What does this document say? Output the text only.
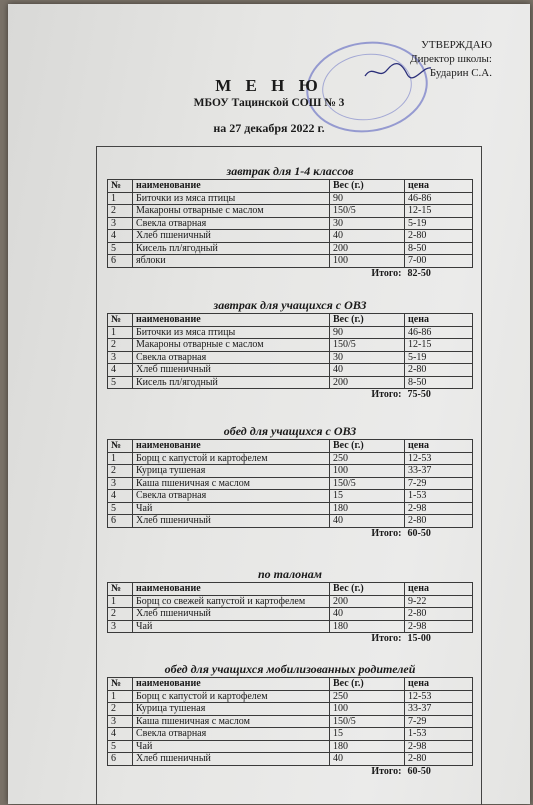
УТВЕРЖДАЮ
Директор школы:
Бударин С.А.
М Е Н Ю
МБОУ Тацинской СОШ № 3
на 27 декабря 2022 г.
завтрак для 1-4 классов
№	наименование	Вес (г.)	цена
1	Биточки из мяса птицы	90	46-86
2	Макароны отварные с маслом	150/5	12-15
3	Свекла отварная	30	5-19
4	Хлеб пшеничный	40	2-80
5	Кисель пл/ягодный	200	8-50
6	яблоки	100	7-00
Итого:			82-50
завтрак для учащихся с ОВЗ
№	наименование	Вес (г.)	цена
1	Биточки из мяса птицы	90	46-86
2	Макароны отварные с маслом	150/5	12-15
3	Свекла отварная	30	5-19
4	Хлеб пшеничный	40	2-80
5	Кисель пл/ягодный	200	8-50
Итого:			75-50
обед для учащихся с ОВЗ
№	наименование	Вес (г.)	цена
1	Борщ с капустой и картофелем	250	12-53
2	Курица тушеная	100	33-37
3	Каша пшеничная с маслом	150/5	7-29
4	Свекла отварная	15	1-53
5	Чай	180	2-98
6	Хлеб пшеничный	40	2-80
Итого:			60-50
по талонам
№	наименование	Вес (г.)	цена
1	Борщ со свежей капустой и картофелем	200	9-22
2	Хлеб пшеничный	40	2-80
3	Чай	180	2-98
Итого:			15-00
обед для учащихся мобилизованных родителей
№	наименование	Вес (г.)	цена
1	Борщ с капустой и картофелем	250	12-53
2	Курица тушеная	100	33-37
3	Каша пшеничная с маслом	150/5	7-29
4	Свекла отварная	15	1-53
5	Чай	180	2-98
6	Хлеб пшеничный	40	2-80
Итого:			60-50
